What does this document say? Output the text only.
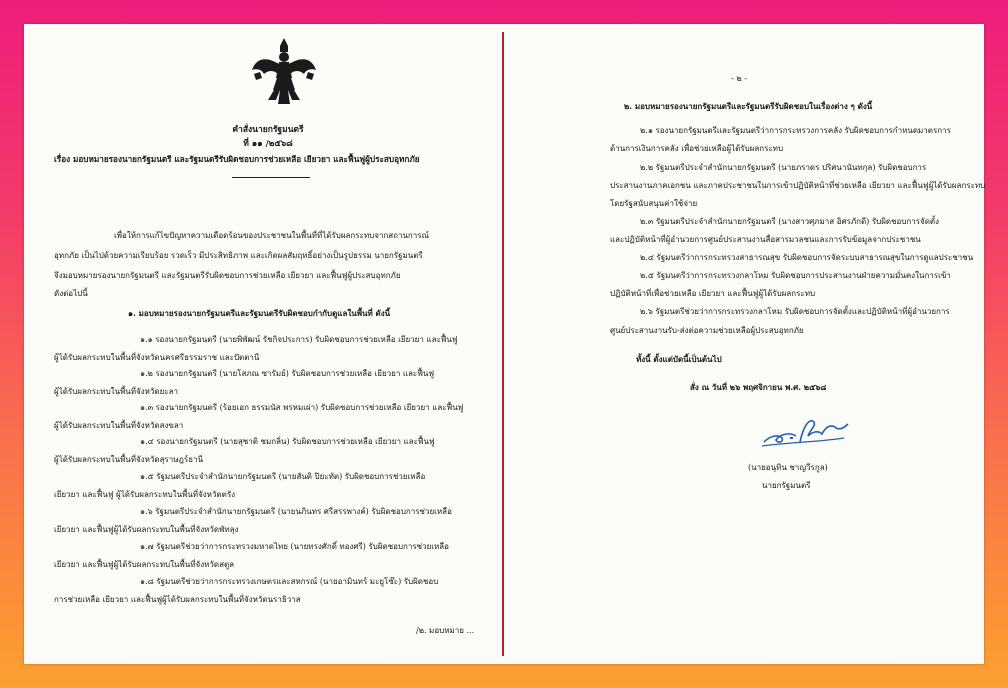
คำสั่งนายกรัฐมนตรี
ที่ ๑๑ /๒๕๖๘
เรื่อง มอบหมายรองนายกรัฐมนตรี และรัฐมนตรีรับผิดชอบการช่วยเหลือ เยียวยา และฟื้นฟูผู้ประสบอุทกภัย
เพื่อให้การแก้ไขปัญหาความเดือดร้อนของประชาชนในพื้นที่ที่ได้รับผลกระทบจากสถานการณ์
อุทกภัย เป็นไปด้วยความเรียบร้อย รวดเร็ว มีประสิทธิภาพ และเกิดผลสัมฤทธิ์อย่างเป็นรูปธรรม นายกรัฐมนตรี
จึงมอบหมายรองนายกรัฐมนตรี และรัฐมนตรีรับผิดชอบการช่วยเหลือ เยียวยา และฟื้นฟูผู้ประสบอุทกภัย
ดังต่อไปนี้
๑. มอบหมายรองนายกรัฐมนตรีและรัฐมนตรีรับผิดชอบกำกับดูแลในพื้นที่ ดังนี้
๑.๑ รองนายกรัฐมนตรี (นายพิพัฒน์ รัชกิจประการ) รับผิดชอบการช่วยเหลือ เยียวยา และฟื้นฟู
ผู้ได้รับผลกระทบในพื้นที่จังหวัดนครศรีธรรมราช และปัตตานี
๑.๒ รองนายกรัฐมนตรี (นายโสภณ ซารัมย์) รับผิดชอบการช่วยเหลือ เยียวยา และฟื้นฟู
ผู้ได้รับผลกระทบในพื้นที่จังหวัดยะลา
๑.๓ รองนายกรัฐมนตรี (ร้อยเอก ธรรมนัส พรหมเผ่า) รับผิดชอบการช่วยเหลือ เยียวยา และฟื้นฟู
ผู้ได้รับผลกระทบในพื้นที่จังหวัดสงขลา
๑.๔ รองนายกรัฐมนตรี (นายสุชาติ ชมกลิ่น) รับผิดชอบการช่วยเหลือ เยียวยา และฟื้นฟู
ผู้ได้รับผลกระทบในพื้นที่จังหวัดสุราษฎร์ธานี
๑.๕ รัฐมนตรีประจำสำนักนายกรัฐมนตรี (นายสันติ ปิยะทัต) รับผิดชอบการช่วยเหลือ
เยียวยา และฟื้นฟู ผู้ได้รับผลกระทบในพื้นที่จังหวัดตรัง
๑.๖ รัฐมนตรีประจำสำนักนายกรัฐมนตรี (นายนภินทร ศรีสรรพางค์) รับผิดชอบการช่วยเหลือ
เยียวยา และฟื้นฟูผู้ได้รับผลกระทบในพื้นที่จังหวัดพัทลุง
๑.๗ รัฐมนตรีช่วยว่าการกระทรวงมหาดไทย (นายทรงศักดิ์ ทองศรี) รับผิดชอบการช่วยเหลือ
เยียวยา และฟื้นฟูผู้ได้รับผลกระทบในพื้นที่จังหวัดสตูล
๑.๘ รัฐมนตรีช่วยว่าการกระทรวงเกษตรและสหกรณ์ (นายอามินทร์ มะยูโซ๊ะ) รับผิดชอบ
การช่วยเหลือ เยียวยา และฟื้นฟูผู้ได้รับผลกระทบในพื้นที่จังหวัดนราธิวาส
/๒. มอบหมาย ...
- ๒ -
๒. มอบหมายรองนายกรัฐมนตรีและรัฐมนตรีรับผิดชอบในเรื่องต่าง ๆ ดังนี้
๒.๑ รองนายกรัฐมนตรีและรัฐมนตรีว่าการกระทรวงการคลัง รับผิดชอบการกำหนดมาตรการ
ด้านการเงินการคลัง เพื่อช่วยเหลือผู้ได้รับผลกระทบ
๒.๒ รัฐมนตรีประจำสำนักนายกรัฐมนตรี (นายภราดร ปริศนานันทกุล) รับผิดชอบการ
ประสานงานภาคเอกชน และภาคประชาชนในการเข้าปฏิบัติหน้าที่ช่วยเหลือ เยียวยา และฟื้นฟูผู้ได้รับผลกระทบ
โดยรัฐสนับสนุนค่าใช้จ่าย
๒.๓ รัฐมนตรีประจำสำนักนายกรัฐมนตรี (นางสาวศุภมาส อิศรภักดี) รับผิดชอบการจัดตั้ง
และปฏิบัติหน้าที่ผู้อำนวยการศูนย์ประสานงานสื่อสารมวลชนและการรับข้อมูลจากประชาชน
๒.๔ รัฐมนตรีว่าการกระทรวงสาธารณสุข รับผิดชอบการจัดระบบสาธารณสุขในการดูแลประชาชน
๒.๕ รัฐมนตรีว่าการกระทรวงกลาโหม รับผิดชอบการประสานงานฝ่ายความมั่นคงในการเข้า
ปฏิบัติหน้าที่เพื่อช่วยเหลือ เยียวยา และฟื้นฟูผู้ได้รับผลกระทบ
๒.๖ รัฐมนตรีช่วยว่าการกระทรวงกลาโหม รับผิดชอบการจัดตั้งและปฏิบัติหน้าที่ผู้อำนวยการ
ศูนย์ประสานงานรับ-ส่งต่อความช่วยเหลือผู้ประสบอุทกภัย
ทั้งนี้ ตั้งแต่บัดนี้เป็นต้นไป
สั่ง ณ วันที่ ๒๖ พฤศจิกายน พ.ศ. ๒๕๖๘
(นายอนุทิน ชาญวีรกูล)
นายกรัฐมนตรี
